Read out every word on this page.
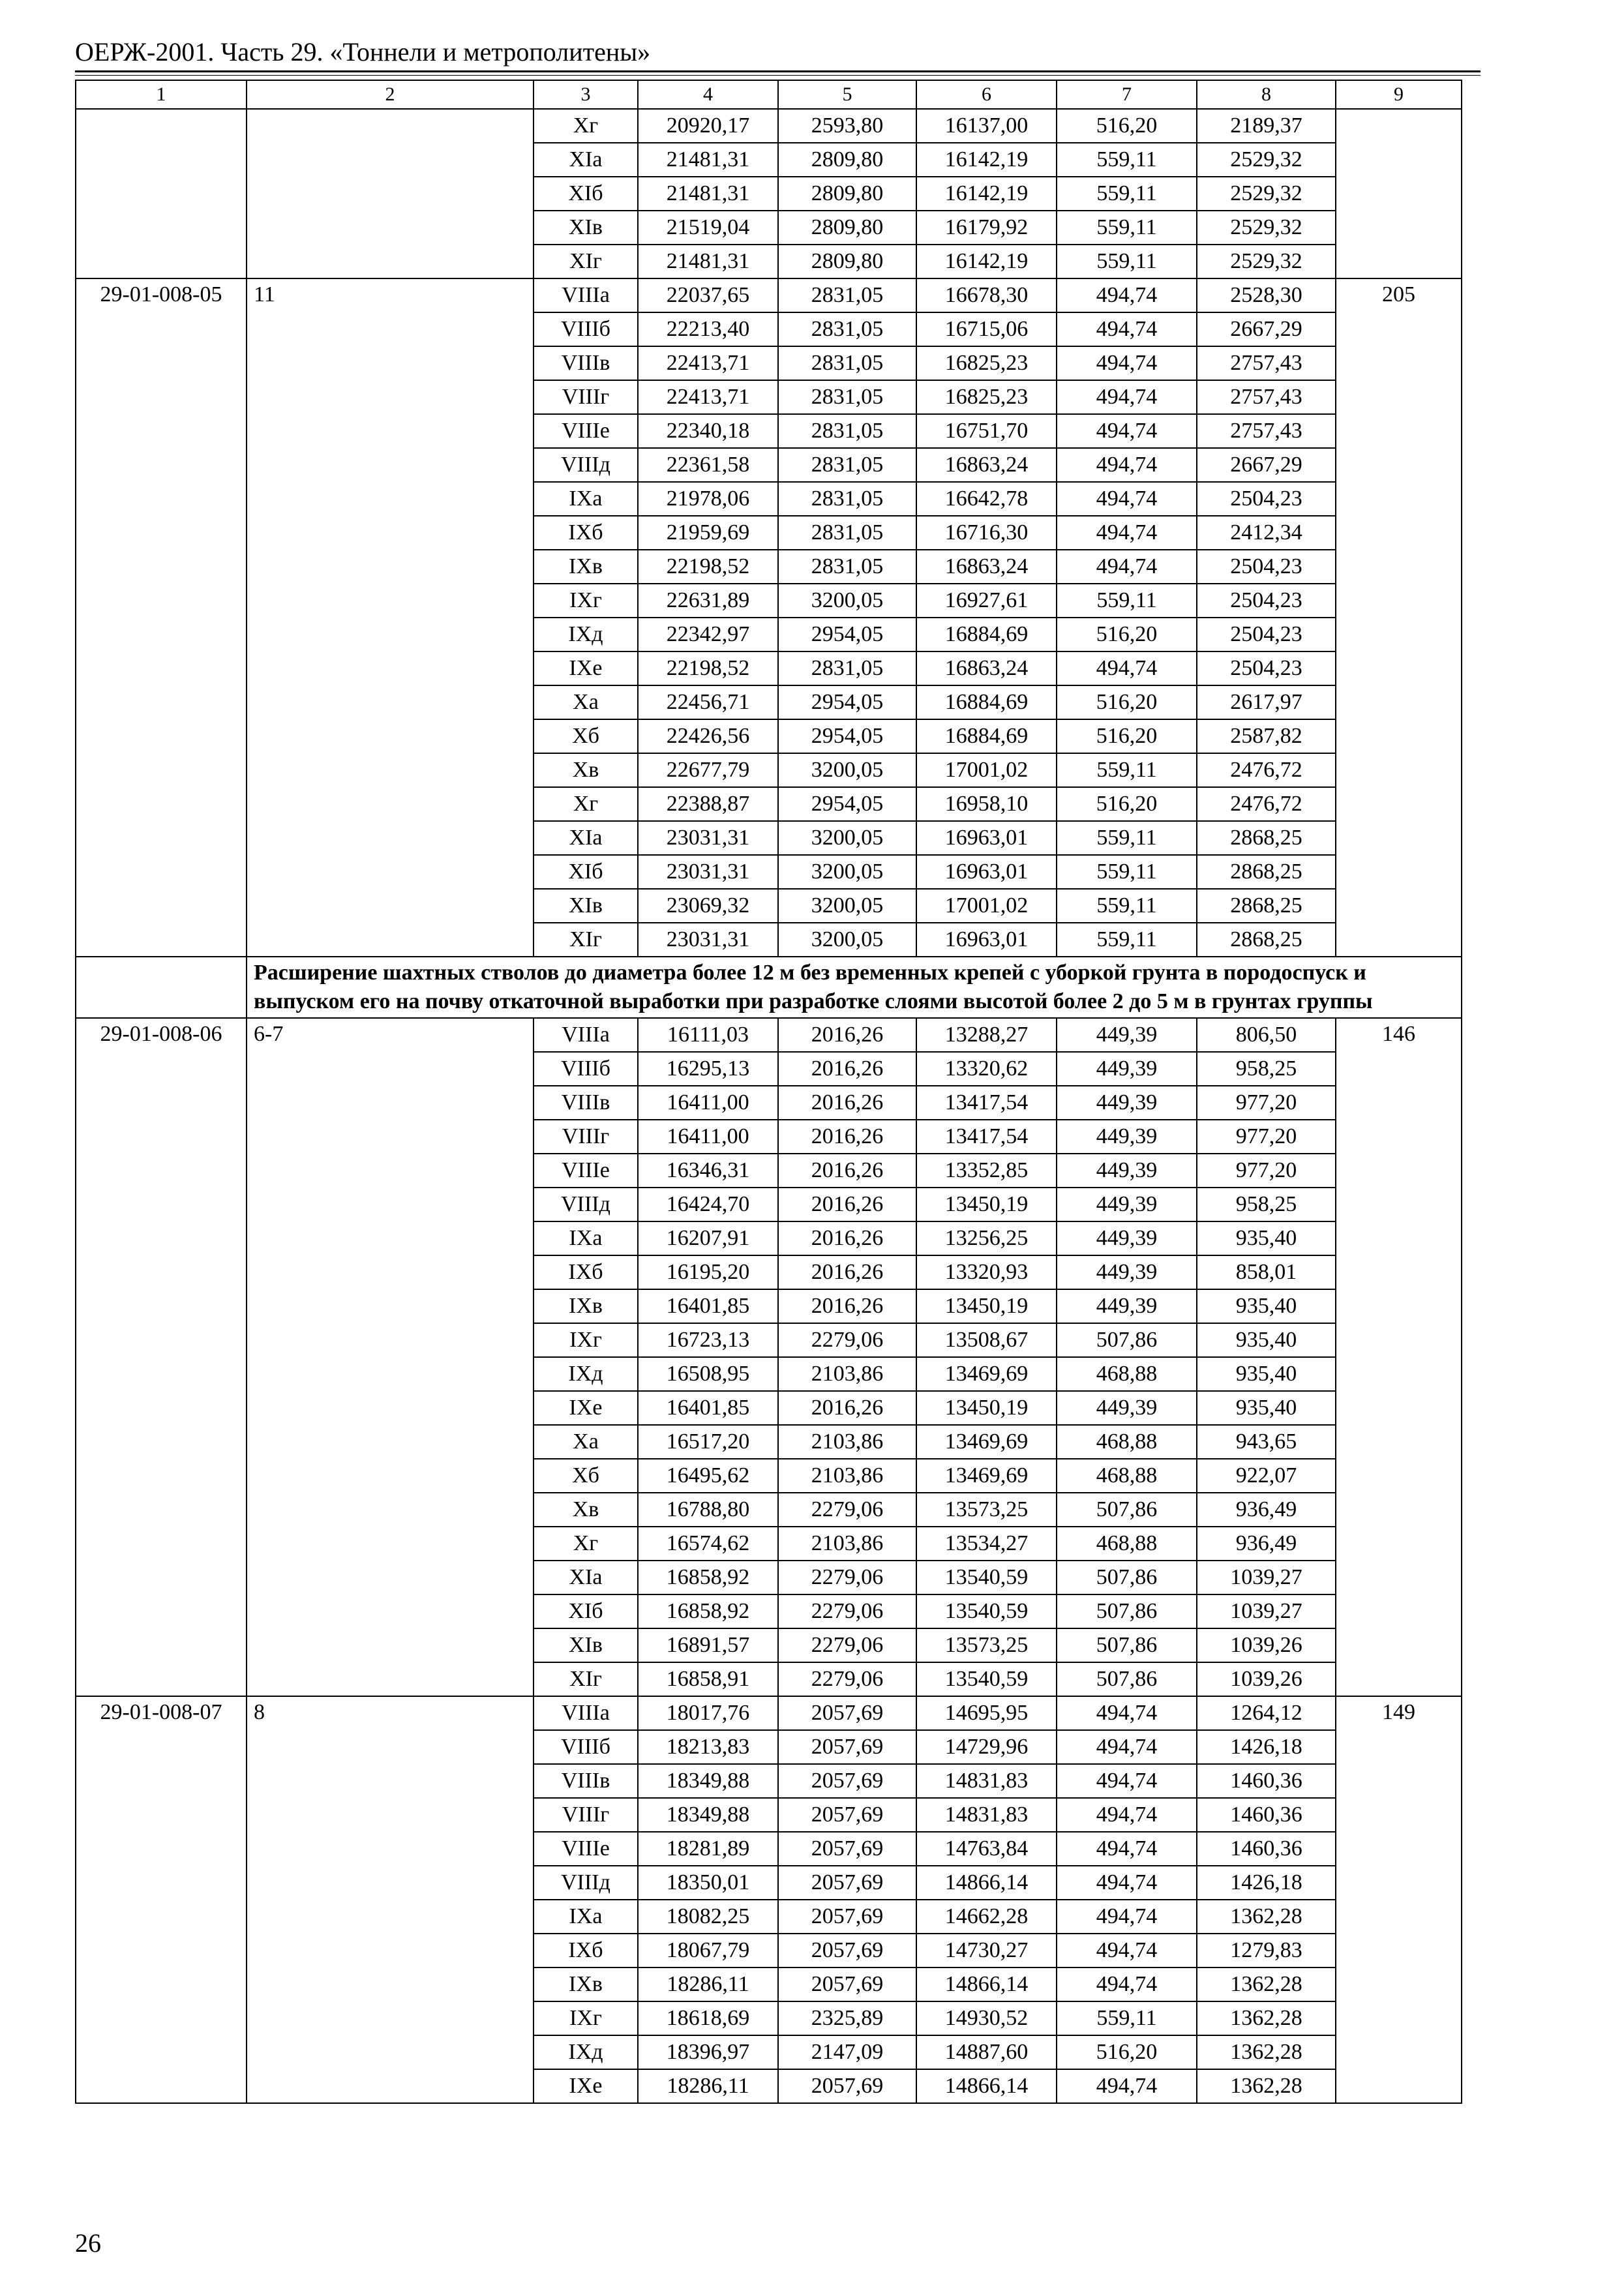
ОЕРЖ-2001. Часть 29. «Тоннели и метрополитены»
1	2	3	4	5	6	7	8	9
		Xг	20920,17	2593,80	16137,00	516,20	2189,37	
		XIа	21481,31	2809,80	16142,19	559,11	2529,32	
		XIб	21481,31	2809,80	16142,19	559,11	2529,32	
		XIв	21519,04	2809,80	16179,92	559,11	2529,32	
		XIг	21481,31	2809,80	16142,19	559,11	2529,32	
29-01-008-05	11	VIIIа	22037,65	2831,05	16678,30	494,74	2528,30	205
		VIIIб	22213,40	2831,05	16715,06	494,74	2667,29	
		VIIIв	22413,71	2831,05	16825,23	494,74	2757,43	
		VIIIг	22413,71	2831,05	16825,23	494,74	2757,43	
		VIIIе	22340,18	2831,05	16751,70	494,74	2757,43	
		VIIIд	22361,58	2831,05	16863,24	494,74	2667,29	
		IXа	21978,06	2831,05	16642,78	494,74	2504,23	
		IXб	21959,69	2831,05	16716,30	494,74	2412,34	
		IXв	22198,52	2831,05	16863,24	494,74	2504,23	
		IXг	22631,89	3200,05	16927,61	559,11	2504,23	
		IXд	22342,97	2954,05	16884,69	516,20	2504,23	
		IXе	22198,52	2831,05	16863,24	494,74	2504,23	
		Xа	22456,71	2954,05	16884,69	516,20	2617,97	
		Xб	22426,56	2954,05	16884,69	516,20	2587,82	
		Xв	22677,79	3200,05	17001,02	559,11	2476,72	
		Xг	22388,87	2954,05	16958,10	516,20	2476,72	
		XIа	23031,31	3200,05	16963,01	559,11	2868,25	
		XIб	23031,31	3200,05	16963,01	559,11	2868,25	
		XIв	23069,32	3200,05	17001,02	559,11	2868,25	
		XIг	23031,31	3200,05	16963,01	559,11	2868,25	
	Расширение шахтных стволов до диаметра более 12 м без временных крепей с уборкой грунта в породоспуск и выпуском его на почву откаточной выработки при разработке слоями высотой более 2 до 5 м в грунтах группы							
29-01-008-06	6-7	VIIIа	16111,03	2016,26	13288,27	449,39	806,50	146
		VIIIб	16295,13	2016,26	13320,62	449,39	958,25	
		VIIIв	16411,00	2016,26	13417,54	449,39	977,20	
		VIIIг	16411,00	2016,26	13417,54	449,39	977,20	
		VIIIе	16346,31	2016,26	13352,85	449,39	977,20	
		VIIIд	16424,70	2016,26	13450,19	449,39	958,25	
		IXа	16207,91	2016,26	13256,25	449,39	935,40	
		IXб	16195,20	2016,26	13320,93	449,39	858,01	
		IXв	16401,85	2016,26	13450,19	449,39	935,40	
		IXг	16723,13	2279,06	13508,67	507,86	935,40	
		IXд	16508,95	2103,86	13469,69	468,88	935,40	
		IXе	16401,85	2016,26	13450,19	449,39	935,40	
		Xа	16517,20	2103,86	13469,69	468,88	943,65	
		Xб	16495,62	2103,86	13469,69	468,88	922,07	
		Xв	16788,80	2279,06	13573,25	507,86	936,49	
		Xг	16574,62	2103,86	13534,27	468,88	936,49	
		XIа	16858,92	2279,06	13540,59	507,86	1039,27	
		XIб	16858,92	2279,06	13540,59	507,86	1039,27	
		XIв	16891,57	2279,06	13573,25	507,86	1039,26	
		XIг	16858,91	2279,06	13540,59	507,86	1039,26	
29-01-008-07	8	VIIIа	18017,76	2057,69	14695,95	494,74	1264,12	149
		VIIIб	18213,83	2057,69	14729,96	494,74	1426,18	
		VIIIв	18349,88	2057,69	14831,83	494,74	1460,36	
		VIIIг	18349,88	2057,69	14831,83	494,74	1460,36	
		VIIIе	18281,89	2057,69	14763,84	494,74	1460,36	
		VIIIд	18350,01	2057,69	14866,14	494,74	1426,18	
		IXа	18082,25	2057,69	14662,28	494,74	1362,28	
		IXб	18067,79	2057,69	14730,27	494,74	1279,83	
		IXв	18286,11	2057,69	14866,14	494,74	1362,28	
		IXг	18618,69	2325,89	14930,52	559,11	1362,28	
		IXд	18396,97	2147,09	14887,60	516,20	1362,28	
		IXе	18286,11	2057,69	14866,14	494,74	1362,28	
26
